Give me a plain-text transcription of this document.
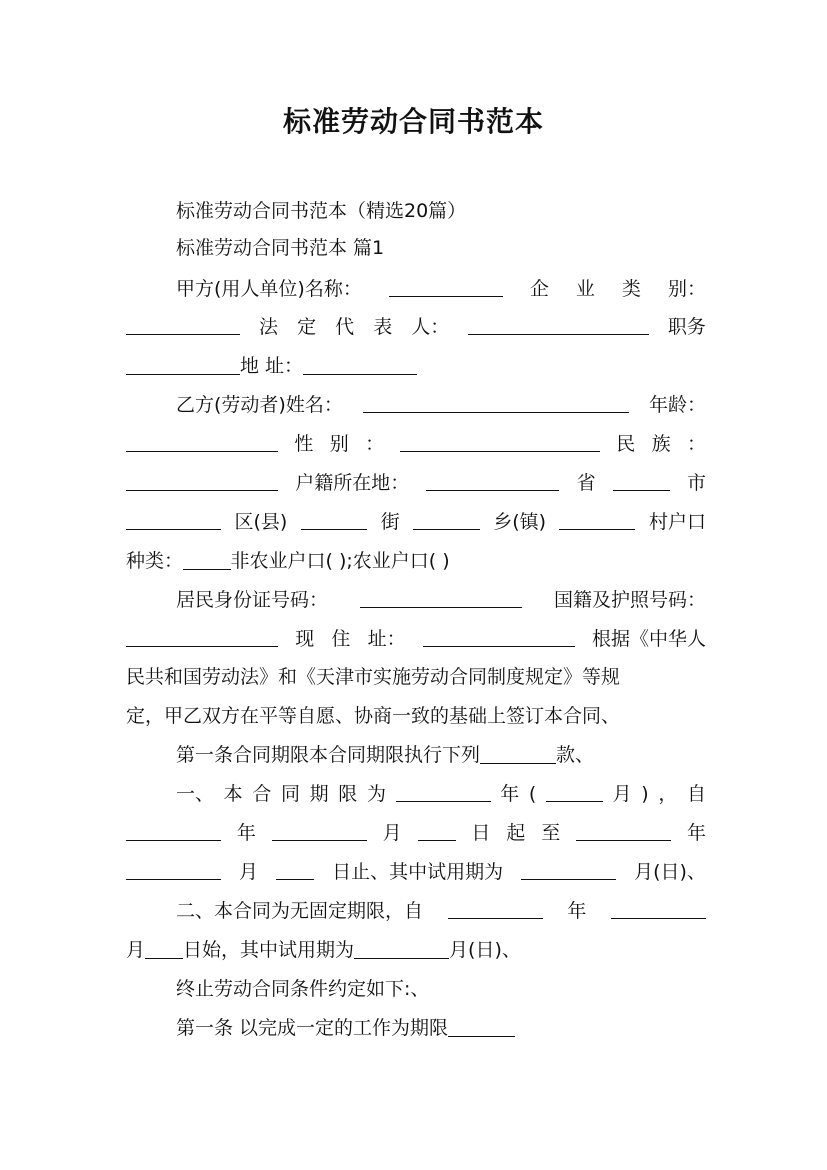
标准劳动合同书范本
标准劳动合同书范本（精选20篇）
标准劳动合同书范本 篇1
甲方(用人单位)名称：	企 业 类 别：
法 定 代 表 人：	职务
地 址：
乙方(劳动者)姓名：	年龄：
性 别 ：	民 族 ：
户籍所在地：	省	市
区(县)	街	乡(镇)	村户口
种类：	非农业户口( );农业户口( )
居民身份证号码：	国籍及护照号码：
现 住 址：	根据《中华人
民共和国劳动法》和《天津市实施劳动合同制度规定》等规
定，甲乙双方在平等自愿、协商一致的基础上签订本合同、
第一条合同期限本合同期限执行下列	款、
一、 本 合 同 期 限 为	年 (	月 ) ， 自
年	月	日 起 至	年
月	日止、其中试用期为	月(日)、
二、本合同为无固定期限，自	年
月 日始，其中试用期为	月(日)、
终止劳动合同条件约定如下:、
第一条 以完成一定的工作为期限
